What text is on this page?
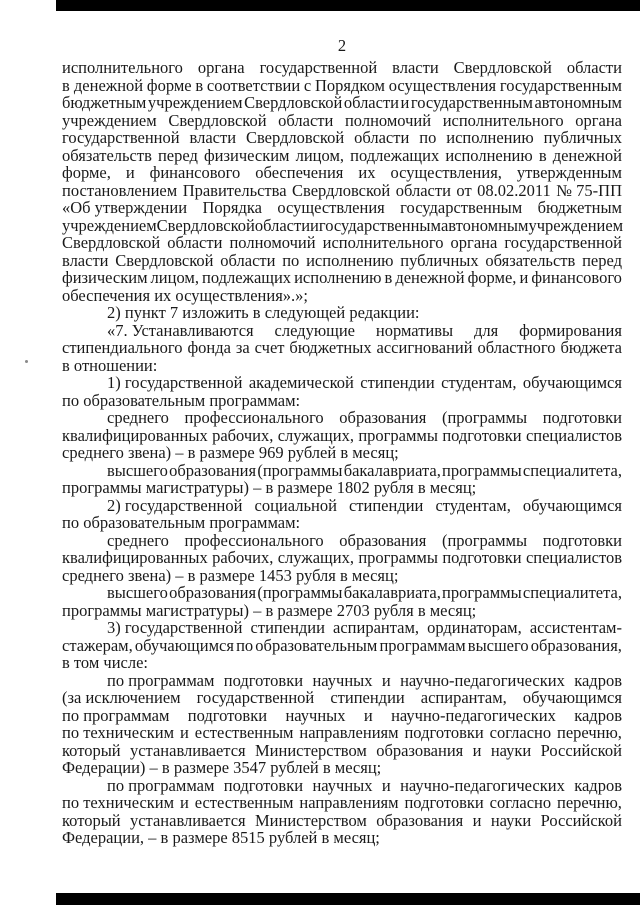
2
исполнительного органа государственной власти Свердловской области
в денежной форме в соответствии с Порядком осуществления государственным
бюджетным учреждением Свердловской области и государственным автономным
учреждением Свердловской области полномочий исполнительного органа
государственной власти Свердловской области по исполнению публичных
обязательств перед физическим лицом, подлежащих исполнению в денежной
форме, и финансового обеспечения их осуществления, утвержденным
постановлением Правительства Свердловской области от 08.02.2011 № 75-ПП
«Об утверждении Порядка осуществления государственным бюджетным
учреждением Свердловской области и государственным автономным учреждением
Свердловской области полномочий исполнительного органа государственной
власти Свердловской области по исполнению публичных обязательств перед
физическим лицом, подлежащих исполнению в денежной форме, и финансового
обеспечения их осуществления».»;
2) пункт 7 изложить в следующей редакции:
«7. Устанавливаются следующие нормативы для формирования
стипендиального фонда за счет бюджетных ассигнований областного бюджета
в отношении:
1) государственной академической стипендии студентам, обучающимся
по образовательным программам:
среднего профессионального образования (программы подготовки
квалифицированных рабочих, служащих, программы подготовки специалистов
среднего звена) – в размере 969 рублей в месяц;
высшего образования (программы бакалавриата, программы специалитета,
программы магистратуры) – в размере 1802 рубля в месяц;
2) государственной социальной стипендии студентам, обучающимся
по образовательным программам:
среднего профессионального образования (программы подготовки
квалифицированных рабочих, служащих, программы подготовки специалистов
среднего звена) – в размере 1453 рубля в месяц;
высшего образования (программы бакалавриата, программы специалитета,
программы магистратуры) – в размере 2703 рубля в месяц;
3) государственной стипендии аспирантам, ординаторам, ассистентам-
стажерам, обучающимся по образовательным программам высшего образования,
в том числе:
по программам подготовки научных и научно-педагогических кадров
(за исключением государственной стипендии аспирантам, обучающимся
по программам подготовки научных и научно-педагогических кадров
по техническим и естественным направлениям подготовки согласно перечню,
который устанавливается Министерством образования и науки Российской
Федерации) – в размере 3547 рублей в месяц;
по программам подготовки научных и научно-педагогических кадров
по техническим и естественным направлениям подготовки согласно перечню,
который устанавливается Министерством образования и науки Российской
Федерации, – в размере 8515 рублей в месяц;
